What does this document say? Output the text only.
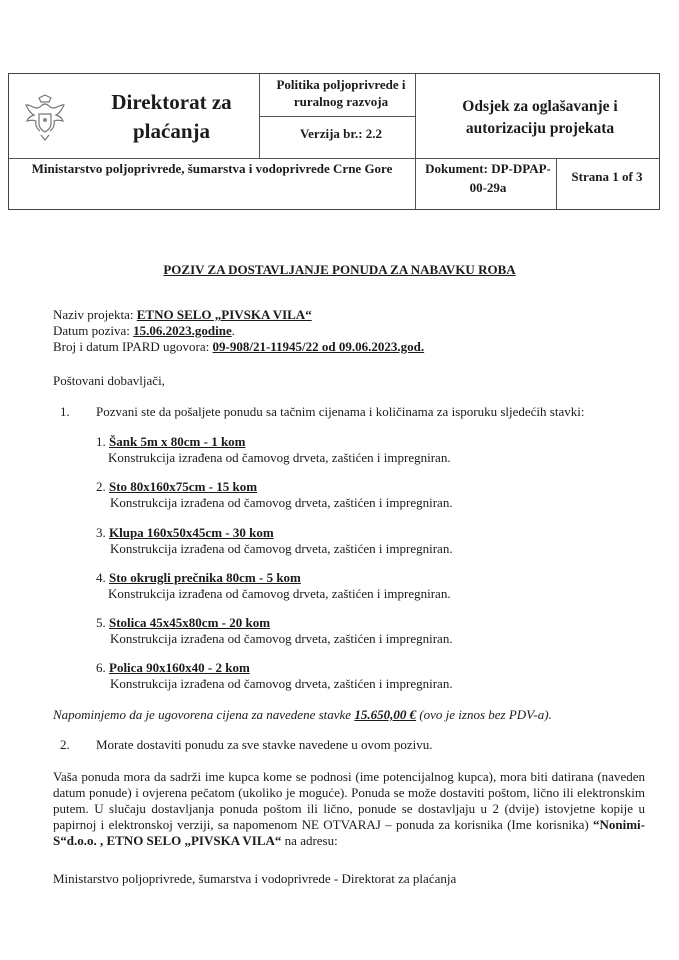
Direktorat za plaćanja
Politika poljoprivrede i ruralnog razvoja
Verzija br.: 2.2
Odsjek za oglašavanje i autorizaciju projekata
Ministarstvo poljoprivrede, šumarstva i vodoprivrede Crne Gore	Dokument: DP-DPAP-00-29a
Strana 1 of 3
POZIV ZA DOSTAVLJANJE PONUDA ZA NABAVKU ROBA
Naziv projekta: ETNO SELO „PIVSKA VILA“
Datum poziva: 15.06.2023.godine.
Broj i datum IPARD ugovora: 09-908/21-11945/22 od 09.06.2023.god.
Poštovani dobavljači,
1. Pozvani ste da pošaljete ponudu sa tačnim cijenama i količinama za isporuku sljedećih stavki:
1. Šank 5m x 80cm - 1 kom
Konstrukcija izrađena od čamovog drveta, zaštićen i impregniran.
2. Sto 80x160x75cm - 15 kom
Konstrukcija izrađena od čamovog drveta, zaštićen i impregniran.
3. Klupa 160x50x45cm - 30 kom
Konstrukcija izrađena od čamovog drveta, zaštićen i impregniran.
4. Sto okrugli prečnika 80cm - 5 kom
Konstrukcija izrađena od čamovog drveta, zaštićen i impregniran.
5. Stolica 45x45x80cm - 20 kom
Konstrukcija izrađena od čamovog drveta, zaštićen i impregniran.
6. Polica 90x160x40 - 2 kom
Konstrukcija izrađena od čamovog drveta, zaštićen i impregniran.
Napominjemo da je ugovorena cijena za navedene stavke 15.650,00 € (ovo je iznos bez PDV-a).
2. Morate dostaviti ponudu za sve stavke navedene u ovom pozivu.
Vaša ponuda mora da sadrži ime kupca kome se podnosi (ime potencijalnog kupca), mora biti datirana (naveden datum ponude) i ovjerena pečatom (ukoliko je moguće). Ponuda se može dostaviti poštom, lično ili elektronskim putem. U slučaju dostavljanja ponuda poštom ili lično, ponude se dostavljaju u 2 (dvije) istovjetne kopije u papirnoj i elektronskoj verziji, sa napomenom NE OTVARAJ – ponuda za korisnika (Ime korisnika) “Nonimi-S“d.o.o. , ETNO SELO „PIVSKA VILA“ na adresu:
Ministarstvo poljoprivrede, šumarstva i vodoprivrede - Direktorat za plaćanja
